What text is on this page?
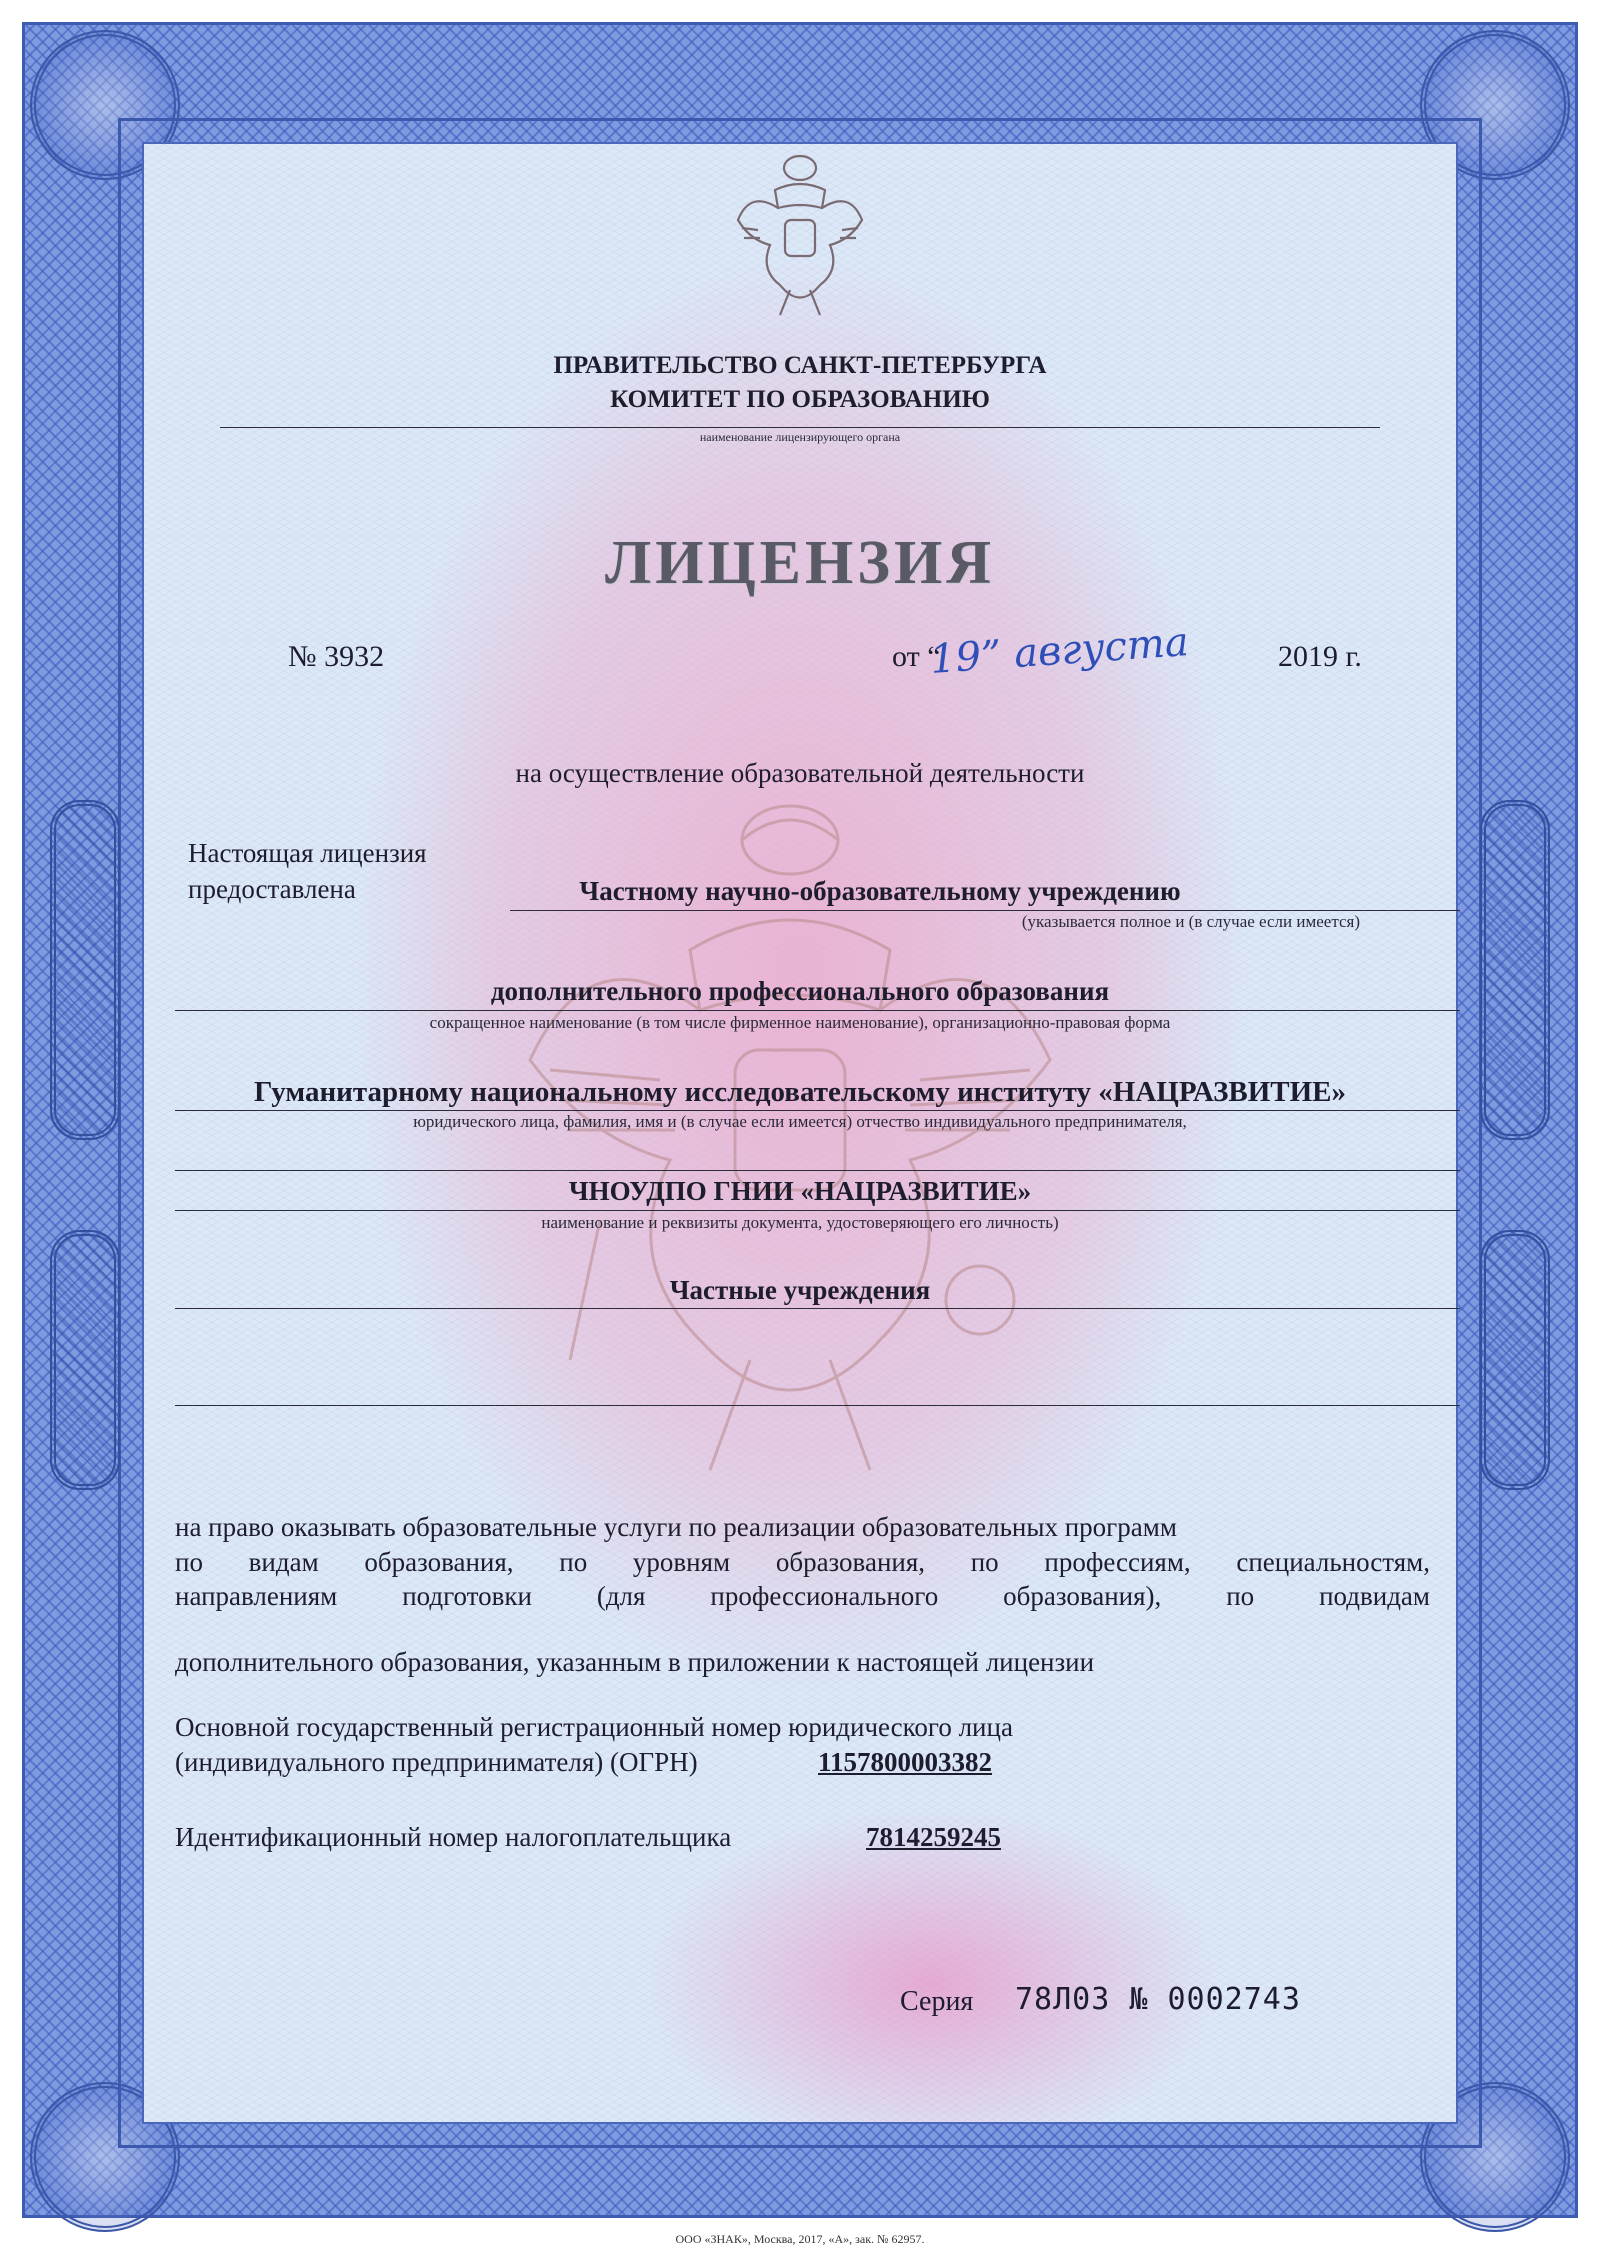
ПРАВИТЕЛЬСТВО САНКТ-ПЕТЕРБУРГА
КОМИТЕТ ПО ОБРАЗОВАНИЮ
наименование лицензирующего органа
ЛИЦЕНЗИЯ
№ 3932	от “
19” августа	2019 г.
на осуществление образовательной деятельности
Настоящая лицензия
предоставлена	Частному научно-образовательному учреждению
(указывается полное и (в случае если имеется)
дополнительного профессионального образования
сокращенное наименование (в том числе фирменное наименование), организационно-правовая форма
Гуманитарному национальному исследовательскому институту «НАЦРАЗВИТИЕ»
юридического лица, фамилия, имя и (в случае если имеется) отчество индивидуального предпринимателя,
ЧНОУДПО ГНИИ «НАЦРАЗВИТИЕ»
наименование и реквизиты документа, удостоверяющего его личность)
Частные учреждения
на право оказывать образовательные услуги по реализации образовательных программ
по видам образования, по уровням образования, по профессиям, специальностям,
направлениям подготовки (для профессионального образования), по подвидам
дополнительного образования, указанным в приложении к настоящей лицензии
Основной государственный регистрационный номер юридического лица
(индивидуального предпринимателя) (ОГРН)	1157800003382
Идентификационный номер налогоплательщика	7814259245
Серия 78Л03 № 0002743
ООО «ЗНАК», Москва, 2017, «А», зак. № 62957.
